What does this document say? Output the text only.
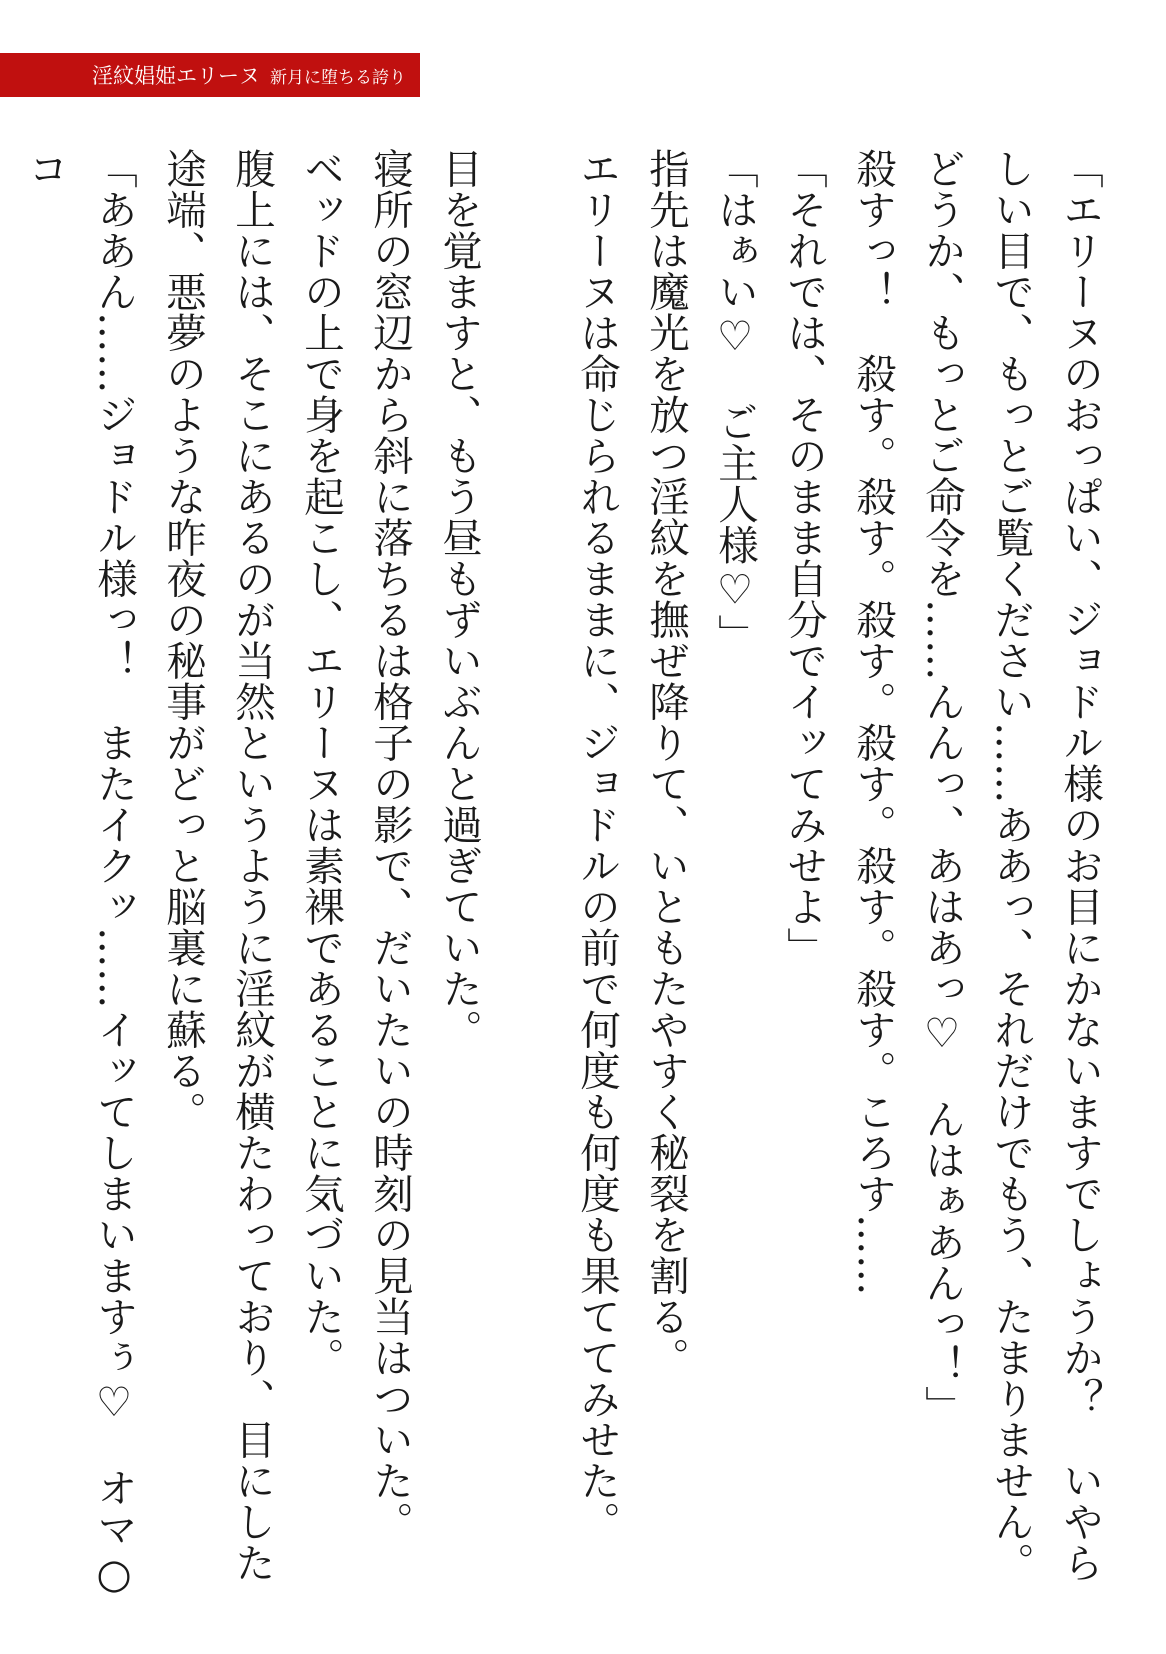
淫紋娼姫エリーヌ 新月に堕ちる誇り

「エリーヌのおっぱい、ジョドル様のお目にかないますでしょうか？　いやらしい目で、もっとご覧ください……ああっ、それだけでもう、たまりません。どうか、もっとご命令を……んんっ、あはあっ♡　んはぁあんっ！」

殺すっ！　殺す。殺す。殺す。殺す。殺す。殺す。ころす……

「それでは、そのまま自分でイッてみせよ」

「はぁい♡　ご主人様♡」

指先は魔光を放つ淫紋を撫ぜ降りて、いともたやすく秘裂を割る。

エリーヌは命じられるままに、ジョドルの前で何度も何度も果ててみせた。

目を覚ますと、もう昼もずいぶんと過ぎていた。

寝所の窓辺から斜に落ちるは格子の影で、だいたいの時刻の見当はついた。

ベッドの上で身を起こし、エリーヌは素裸であることに気づいた。

腹上には、そこにあるのが当然というように淫紋が横たわっており、目にした途端、悪夢のような昨夜の秘事がどっと脳裏に蘇る。

「ああん……ジョドル様っ！　またイクッ……イッてしまいますぅ♡　オマ○コ
